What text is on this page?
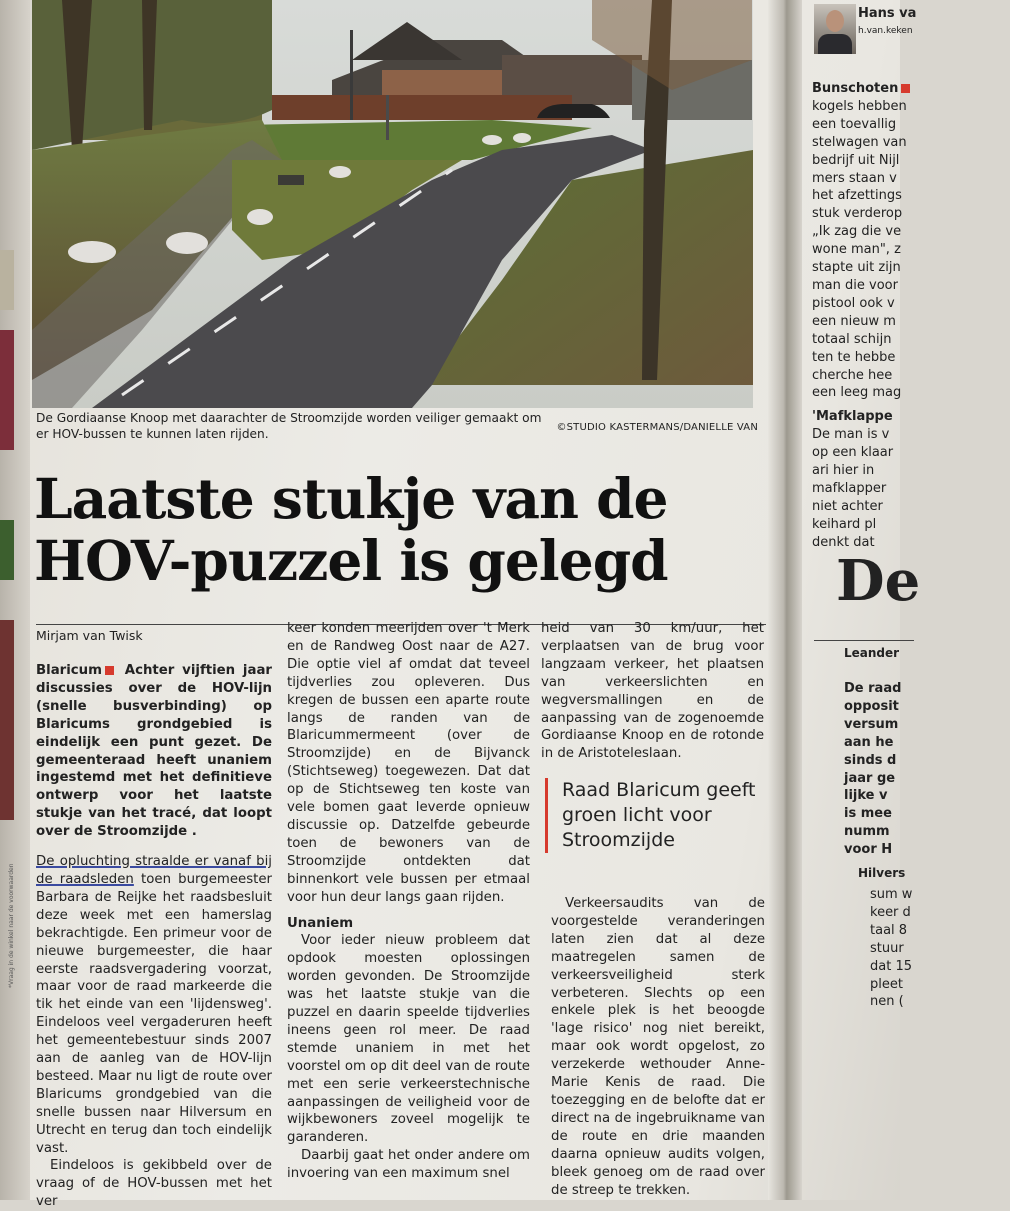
©STUDIO KASTERMANS/DANIELLE VAN
De Gordiaanse Knoop met daarachter de Stroomzijde worden veiliger gemaakt om er HOV-bussen te kunnen laten rijden.
Laatste stukje van de
HOV-puzzel is gelegd
Mirjam van Twisk
*Vraag in de winkel naar de voorwaarden

Blaricum Achter vijftien jaar discussies over de HOV-lijn (snelle busverbinding) op Blaricums grondgebied is eindelijk een punt gezet. De gemeenteraad heeft unaniem ingestemd met het definitieve ontwerp voor het laatste stukje van het tracé, dat loopt over de Stroomzijde .

De opluchting straalde er vanaf bij de raadsleden toen burgemeester Barbara de Reijke het raadsbesluit deze week met een hamerslag bekrachtigde. Een primeur voor de nieuwe burgemeester, die haar eerste raadsvergadering voorzat, maar voor de raad markeerde die tik het einde van een 'lijdensweg'. Eindeloos veel vergaderuren heeft het gemeentebestuur sinds 2007 aan de aanleg van de HOV-lijn besteed. Maar nu ligt de route over Blaricums grondgebied van die snelle bussen naar Hilversum en Utrecht en terug dan toch eindelijk vast.

Eindeloos is gekibbeld over de vraag of de HOV-bussen met het ver

keer konden meerijden over 't Merk en de Randweg Oost naar de A27. Die optie viel af omdat dat teveel tijdverlies zou opleveren. Dus kregen de bussen een aparte route langs de randen van de Blaricummermeent (over de Stroomzijde) en de Bijvanck (Stichtseweg) toegewezen. Dat dat op de Stichtseweg ten koste van vele bomen gaat leverde opnieuw discussie op. Datzelfde gebeurde toen de bewoners van de Stroomzijde ontdekten dat binnenkort vele bussen per etmaal voor hun deur langs gaan rijden.

Unaniem

Voor ieder nieuw probleem dat opdook moesten oplossingen worden gevonden. De Stroomzijde was het laatste stukje van die puzzel en daarin speelde tijdverlies ineens geen rol meer. De raad stemde unaniem in met het voorstel om op dit deel van de route met een serie verkeerstechnische aanpassingen de veiligheid voor de wijkbewoners zoveel mogelijk te garanderen.

Daarbij gaat het onder andere om invoering van een maximum snel

Raad Blaricum geeft groen licht voor Stroomzijde

Verkeersaudits van de voorgestelde veranderingen laten zien dat al deze maatregelen samen de verkeersveiligheid sterk verbeteren. Slechts op een enkele plek is het beoogde 'lage risico' nog niet bereikt, maar ook wordt opgelost, zo verzekerde wethouder Anne-Marie Kenis de raad. Die toezegging en de belofte dat er direct na de ingebruikname van de route en drie maanden daarna opnieuw audits volgen, bleek genoeg om de raad over de streep te trekken.

Hans va
h.van.keken
Bunschoten
kogels hebben
een toevallig
stelwagen van
bedrijf uit Nijl
mers staan v
het afzettings
stuk verderop
„Ik zag die ve
wone man", z
stapte uit zijn
man die voor
pistool ook v
een nieuw m
totaal schijn
ten te hebbe
cherche hee
een leeg mag
'Mafklappe
De man is v
op een klaar
ari hier in
mafklapper
niet achter
keihard pl
denkt dat
De
Leander
De raad
opposit
versum
aan he
sinds d
jaar ge
lijke v
is mee
numm
voor H
Hilvers
sum w
keer d
taal 8
stuur
dat 15
pleet
nen (
heid van 30 km/uur, het verplaatsen van de brug voor langzaam verkeer, het plaatsen van verkeerslichten en wegversmallingen en de aanpassing van de zogenoemde Gordiaanse Knoop en de rotonde in de Aristoteleslaan.
